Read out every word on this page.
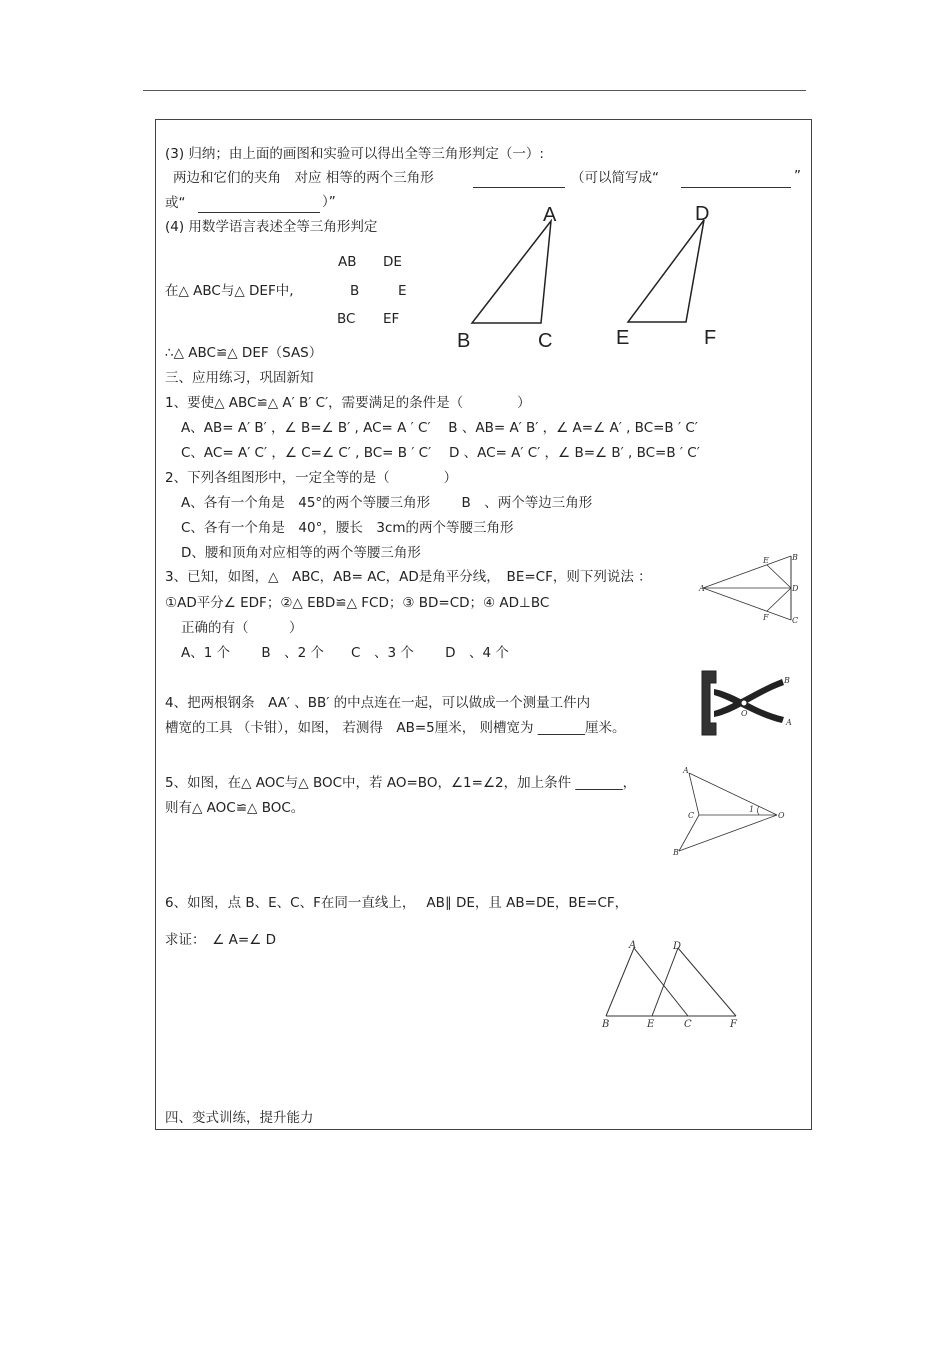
(3) 归纳；由上面的画图和实验可以得出全等三角形判定（一）:
两边和它们的夹角　对应 相等的两个三角形	（可以简写成“	”
或“	）”
(4) 用数学语言表述全等三角形判定
AB DE
在△ ABC与△ DEF中,	B	E
BC EF
∴△ ABC≌△ DEF（SAS）
A	D
B	C	E	F
三、应用练习，巩固新知
1、要使△ ABC≌△ A′ B′ C′，需要满足的条件是（　　　　）
A、AB= A′ B′ ，∠ B=∠ B′ , AC= A ′ C′　 B 、AB= A′ B′ ，∠ A=∠ A′ , BC=B ′ C′
C、AC= A′ C′ ，∠ C=∠ C′ , BC= B ′ C′　 D 、AC= A′ C′ ，∠ B=∠ B′ , BC=B ′ C′
2、下列各组图形中，一定全等的是（　　　　）
A、各有一个角是　45°的两个等腰三角形　　 B　、两个等边三角形
C、各有一个角是　40°，腰长　3cm的两个等腰三角形
D、腰和顶角对应相等的两个等腰三角形
3、已知，如图，△　ABC，AB= AC，AD是角平分线，　BE=CF，则下列说法 ：
①AD平分∠ EDF；②△ EBD≌△ FCD；③ BD=CD；④ AD⊥BC
正确的有（　　　）
A、1 个　　 B　、2 个　　C　、3 个　　 D　、4 个
A
B
C
D
E
F
4、把两根钢条　AA′ 、BB′ 的中点连在一起，可以做成一个测量工件内
槽宽的工具 （卡钳），如图， 若测得　AB=5厘米， 则槽宽为 _______厘米。
B
A
O
5、如图，在△ AOC与△ BOC中，若 AO=BO，∠1=∠2，加上条件 _______，
则有△ AOC≌△ BOC。
A
B
C	O
1
6、如图，点 B、E、C、F在同一直线上，　 AB∥ DE，且 AB=DE，BE=CF，
求证：　∠ A=∠ D	A	D
B	E	C	F
四、变式训练，提升能力
